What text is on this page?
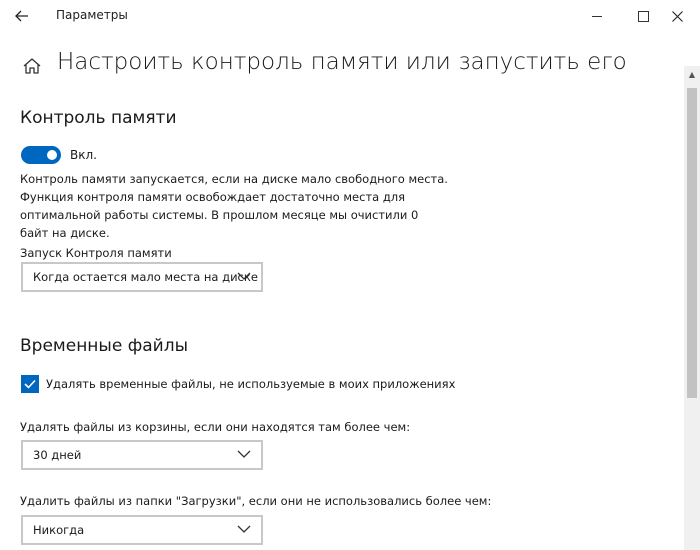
Параметры
Настроить контроль памяти или запустить его
Контроль памяти
Вкл.
Контроль памяти запускается, если на диске мало свободного места.
Функция контроля памяти освобождает достаточно места для
оптимальной работы системы. В прошлом месяце мы очистили 0
байт на диске.
Запуск Контроля памяти
Когда остается мало места на диске
Временные файлы
Удалять временные файлы, не используемые в моих приложениях
Удалять файлы из корзины, если они находятся там более чем:
30 дней
Удалить файлы из папки "Загрузки", если они не использовались более чем:
Никогда
▲
